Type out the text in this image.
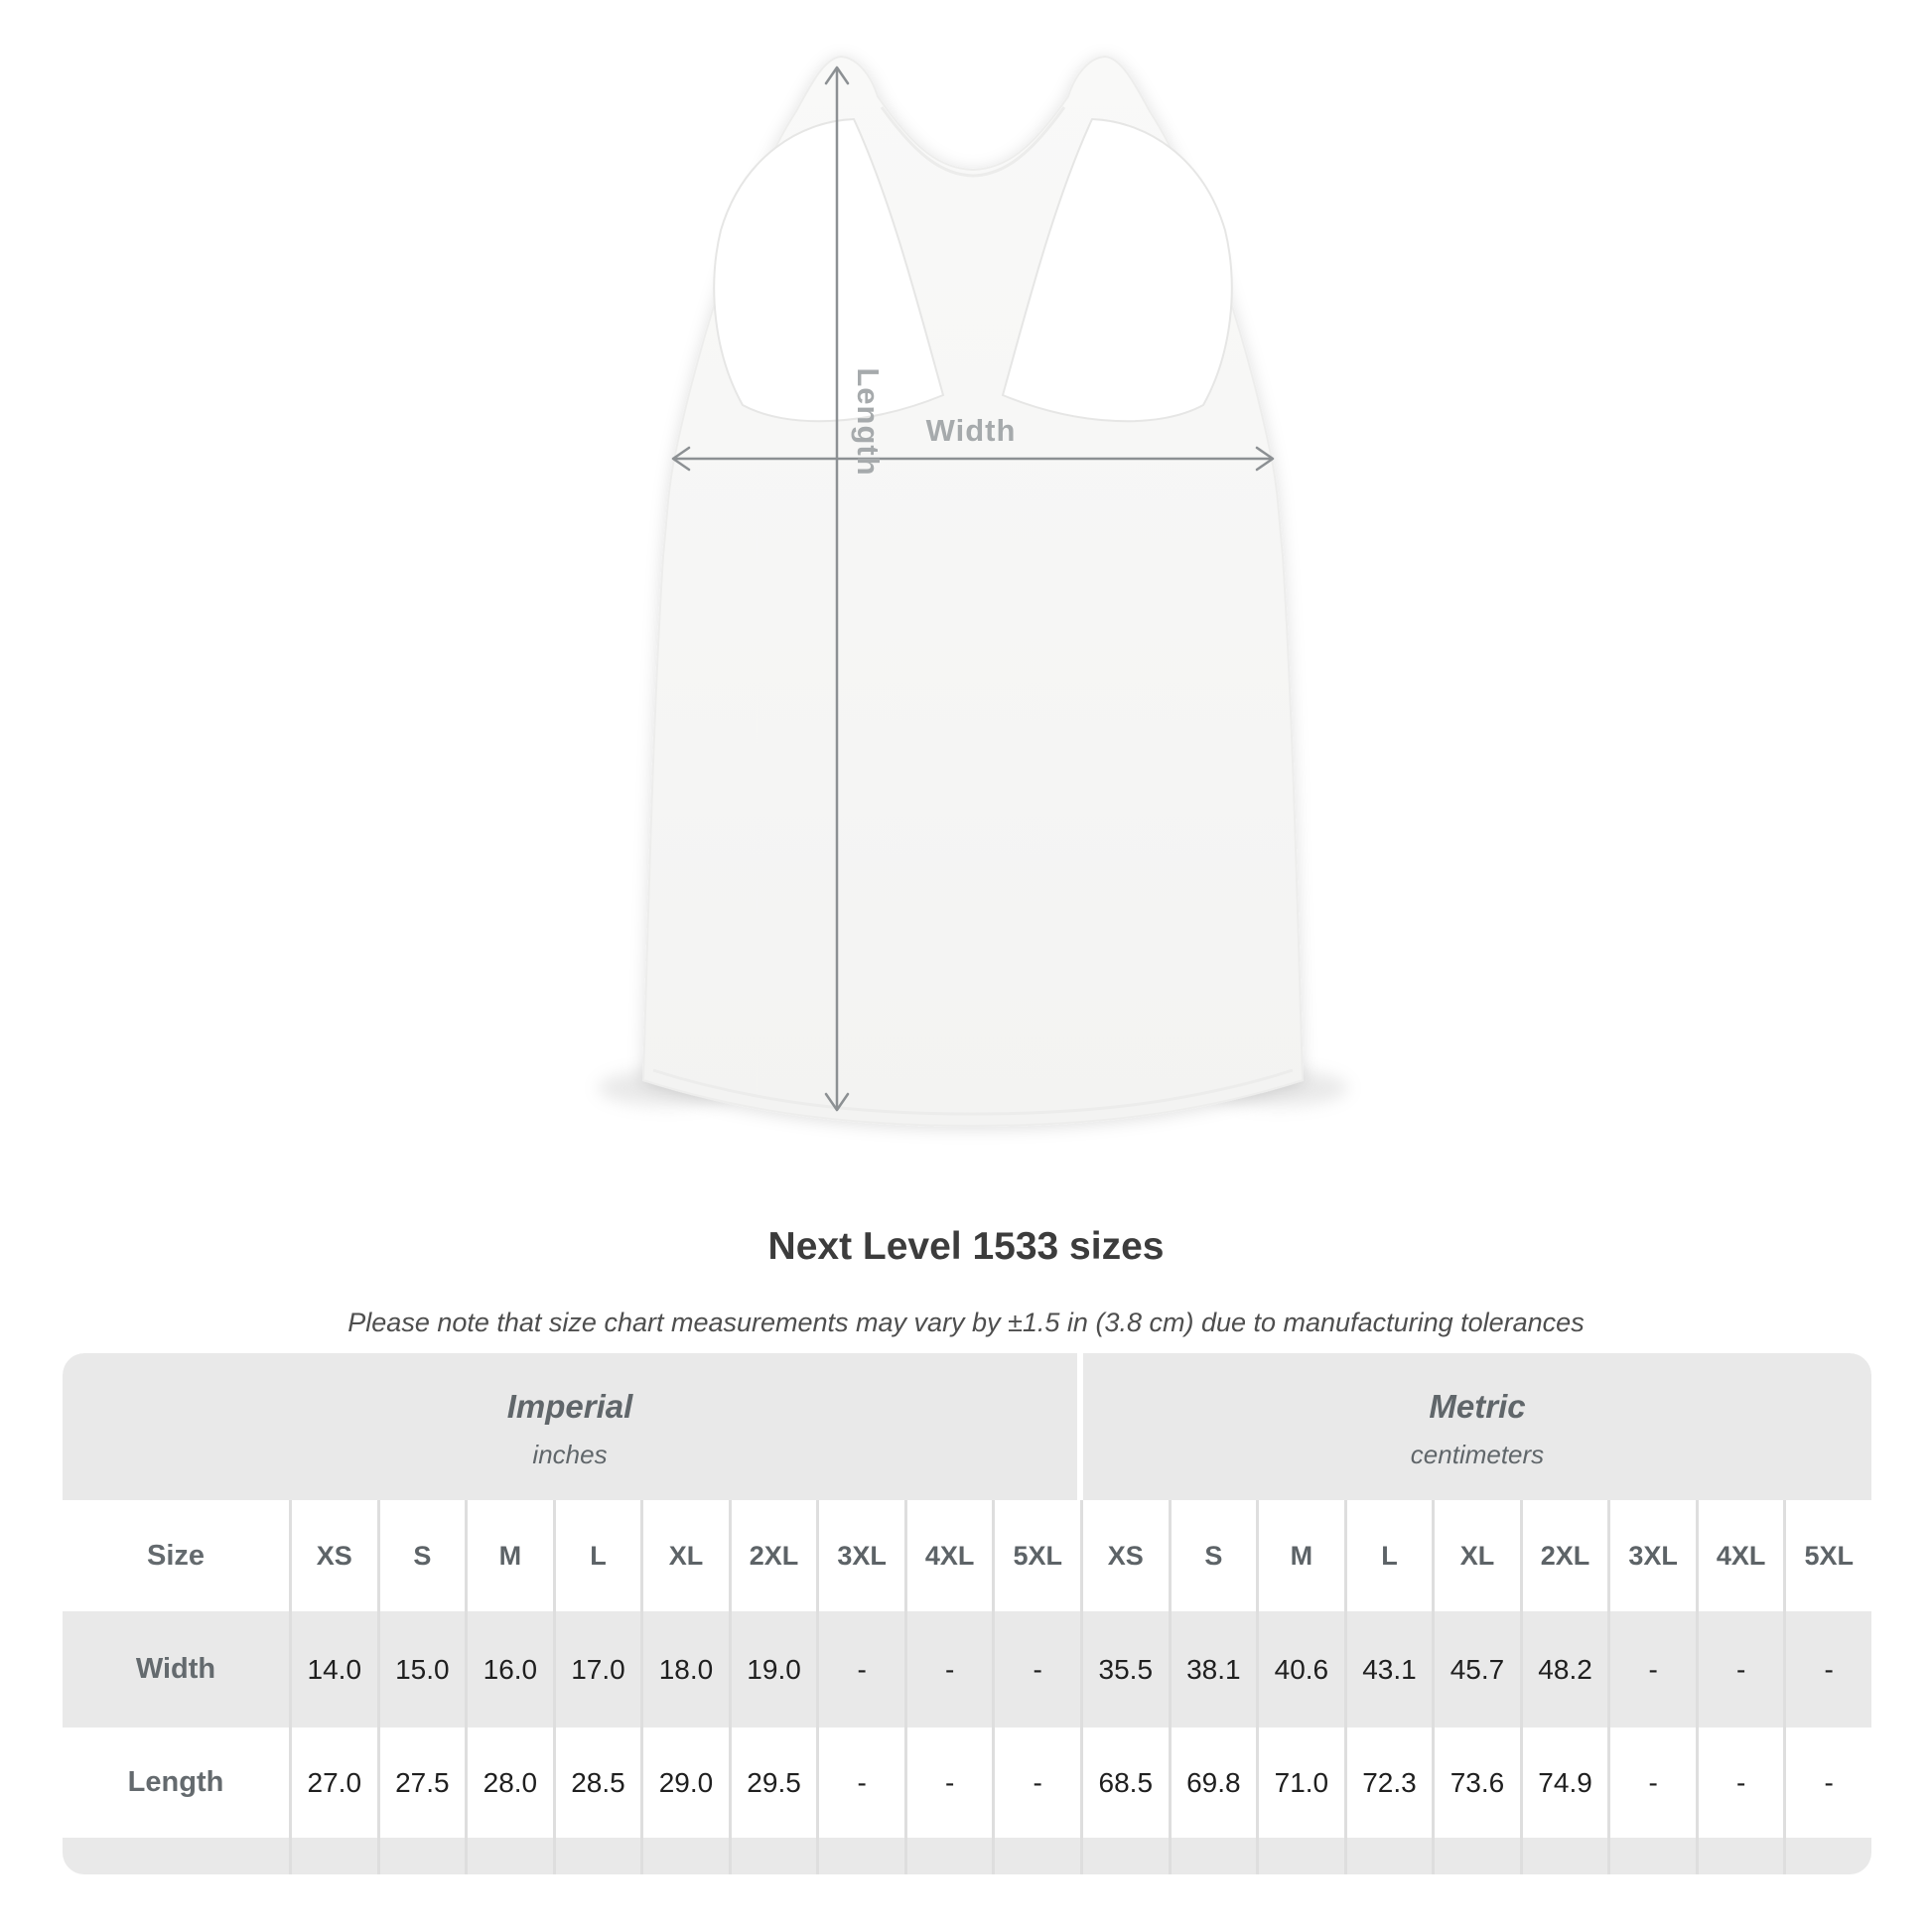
Length Width
Next Level 1533 sizes
Please note that size chart measurements may vary by ±1.5 in (3.8 cm) due to manufacturing tolerances
Imperial
inches
Metric
centimeters
Size	XS	S	M	L	XL	2XL	3XL	4XL	5XL	XS	S	M	L	XL	2XL	3XL	4XL	5XL
Width	14.0	15.0	16.0	17.0	18.0	19.0	-	-	-	35.5	38.1	40.6	43.1	45.7	48.2	-	-	-
Length	27.0	27.5	28.0	28.5	29.0	29.5	-	-	-	68.5	69.8	71.0	72.3	73.6	74.9	-	-	-
